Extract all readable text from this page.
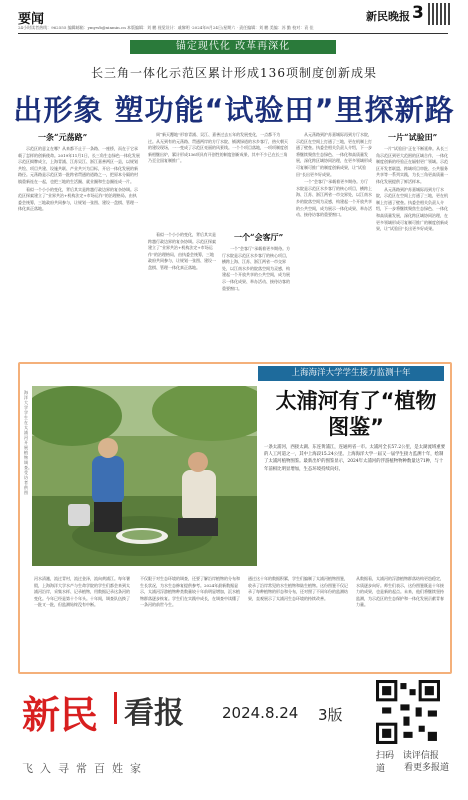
要闻	新民晚报 3
24小时读者热线：962555 编辑邮箱：ymywb@xinmin.cn 本版编辑：刘 鹏 视觉设计：戚黎明 ·2024年8月24日/星期六 · 责任编辑：刘 鹏 美编：苏 勤 校对：袁 佳
锚定现代化 改革再深化
长三角一体化示范区累计形成136项制度创新成果
出形象 塑功能“试验田”里探新路
一条“元荡路”

示范区的意义在哪？从来都不止于一条路、一座桥，而在于它承载了怎样的创新使命。2019年11月1日，长三角生态绿色一体化发展示范区揭牌成立，上海青浦、江苏吴江、浙江嘉善两区一县，以规划共绘、项目共建、设施共联、产业共兴为目标，开启一体化发展的新路径。元荡路是示范区第一批跨省贯通的道路之一，把原本分隔的村镇重新连在一起，也把三地的生活圈、就业圈和生态圈连成一片。

看似一个小小的变化，背后其实是跨越行政边界的复杂协调。示范区探索建立了“业界共治+机构法定+市场运作”的治理格局，由执委会统筹，三地政府共同参与，让规划一张图、建设一盘棋、管理一体化真正落地。

周“新天覆地”形容青浦、吴江、嘉善过去五年的发展变化，一点都不为过。从无到有的元荡路、贯通两岸的方厅水院、铺满绿道的水乡客厅，热火朝天的建设现场，一一变成了示范区亮丽的风景线。一个个项目落地，一项项制度创新相继出炉，累计形成136项具有开创性的制度创新成果，其中不少已在长三角乃至全国复制推广。

看似一个小小的变化，背后其实是跨越行政边界的复杂协调。示范区探索建立了“业界共治+机构法定+市场运作”的治理格局，由执委会统筹，三地政府共同参与，让规划一张图、建设一盘棋、管理一体化真正落地。

一个“会客厅”

一个“会客厅”承载着更多期待。方厅水院是示范区水乡客厅的核心项目，横跨上海、江苏、浙江两省一市交界处，以江南水乡的院落空间为灵感，构建起一个开放共享的公共空间，成为展示一体化成果、举办活动、接待访客的重要窗口。

从元荡路到沪苏嘉城际再到方厅水院，示范区在空间上打通了三地，更在机制上打通了壁垒。执委会相关负责人介绍，下一步将继续聚焦生态绿色、一体化和高质量发展，深化跨区域协同治理，在更多领域形成可复制可推广的制度创新成果，让“试验田”长出更多好成果。

一个“会客厅”承载着更多期待。方厅水院是示范区水乡客厅的核心项目，横跨上海、江苏、浙江两省一市交界处，以江南水乡的院落空间为灵感，构建起一个开放共享的公共空间，成为展示一体化成果、举办活动、接待访客的重要窗口。

一片“试验田”

一片“试验田”正在不断延伸。从长三角示范区到更大范围的区域合作，一体化制度创新的经验正在辐射更广领域。示范区开发者联盟、跨域项目审批、公共服务共享等一系列实践，为长三角更高质量一体化发展提供了鲜活样本。

从元荡路到沪苏嘉城际再到方厅水院，示范区在空间上打通了三地，更在机制上打通了壁垒。执委会相关负责人介绍，下一步将继续聚焦生态绿色、一体化和高质量发展，深化跨区域协同治理，在更多领域形成可复制可推广的制度创新成果，让“试验田”长出更多好成果。

上海海洋大学学生接力监测十年
太浦河有了“植物图鉴”
海洋大学学生在太浦河开展植物调查。受访者供图
一条太浦河，西接太湖、东连黄浦江，连通两省一市。太浦河全长57.2公里，是太湖流域重要的人工河道之一，其中上海段15.24公里。上海海洋大学一届又一届学生接力监测十年，绘制了太浦河植物图鉴。最新出炉的图鉴显示，2024年太浦河的浮游植物物种数量达71种，与十年前相比明显增加，生态环境持续向好。
河水清澈，流过青村，流过金泽，流向黄浦江。每年暑假，上海海洋大学水产与生命学院的学生们都会来到太浦河沿岸，采集水样、记录植物，用数据记录这条河的变化。今年已经是第十个年头。十年间，调查队伍换了一批又一批，但监测始终没有中断。
不仅限于对生态环境的调查，还要了解沿岸植物的分布和生长状况，为水生态修复提供参考。2024年最新数据显示，太浦河浮游植物种类数量较十年前明显增加，沉水植物群落逐步恢复。学生们在实践中成长，在调查中读懂了一条河的前世今生。
通过这十年的数据积累，学生们编制了太浦河植物图鉴，收录了沿岸常见的水生植物和陆生植物。这份图鉴不仅记录了每种植物的形态和分布，还对照了不同年份的监测结果，直观展示了太浦河生态环境的持续改善。
从数据看，太浦河的浮游植物群落结构更趋稳定，水质逐步向好。师生们表示，这份图鉴既是十年接力的成果，也是新的起点。未来，他们将继续坚持监测，为示范区的生态保护和一体化发展贡献青春力量。
新民 看报	2024.8.24 3版
飞入寻常百姓家
扫码 读评信报道	看更多报道
